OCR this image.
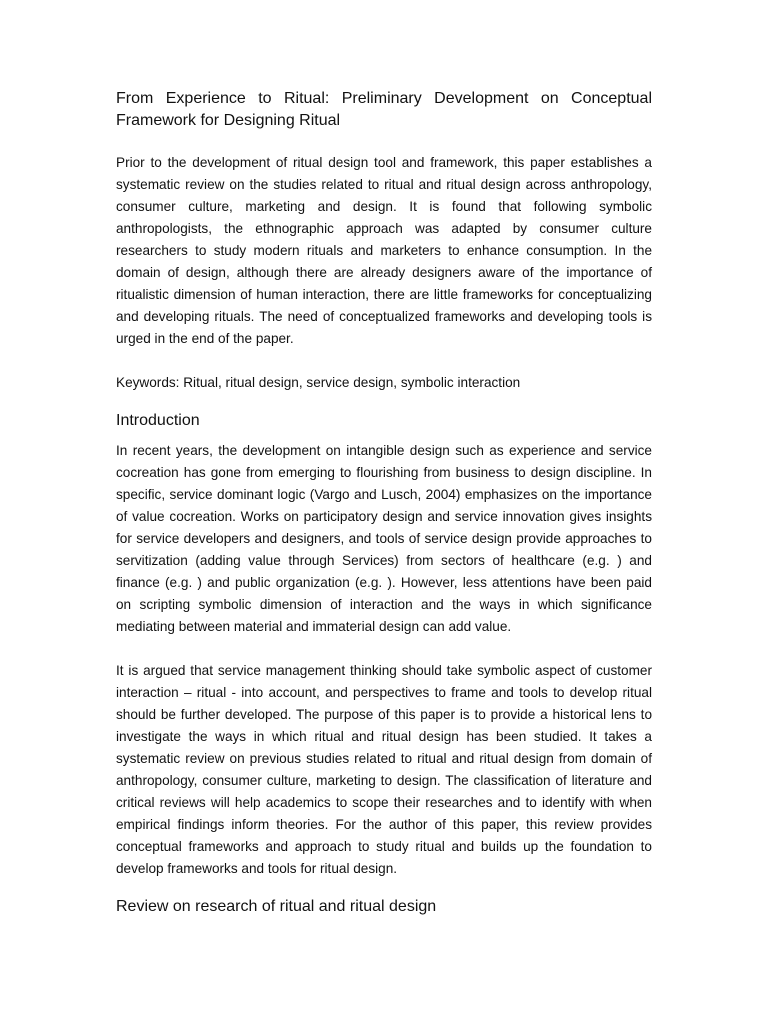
From Experience to Ritual: Preliminary Development on Conceptual Framework for Designing Ritual

Prior to the development of ritual design tool and framework, this paper establishes a systematic review on the studies related to ritual and ritual design across anthropology, consumer culture, marketing and design. It is found that following symbolic anthropologists, the ethnographic approach was adapted by consumer culture researchers to study modern rituals and marketers to enhance consumption. In the domain of design, although there are already designers aware of the importance of ritualistic dimension of human interaction, there are little frameworks for conceptualizing and developing rituals. The need of conceptualized frameworks and developing tools is urged in the end of the paper.

Keywords: Ritual, ritual design, service design, symbolic interaction

Introduction

In recent years, the development on intangible design such as experience and service cocreation has gone from emerging to flourishing from business to design discipline. In specific, service dominant logic (Vargo and Lusch, 2004) emphasizes on the importance of value cocreation. Works on participatory design and service innovation gives insights for service developers and designers, and tools of service design provide approaches to servitization (adding value through Services) from sectors of healthcare (e.g. ) and finance (e.g. ) and public organization (e.g. ). However, less attentions have been paid on scripting symbolic dimension of interaction and the ways in which significance mediating between material and immaterial design can add value.

It is argued that service management thinking should take symbolic aspect of customer interaction – ritual - into account, and perspectives to frame and tools to develop ritual should be further developed. The purpose of this paper is to provide a historical lens to investigate the ways in which ritual and ritual design has been studied. It takes a systematic review on previous studies related to ritual and ritual design from domain of anthropology, consumer culture, marketing to design. The classification of literature and critical reviews will help academics to scope their researches and to identify with when empirical findings inform theories. For the author of this paper, this review provides conceptual frameworks and approach to study ritual and builds up the foundation to develop frameworks and tools for ritual design.

Review on research of ritual and ritual design
